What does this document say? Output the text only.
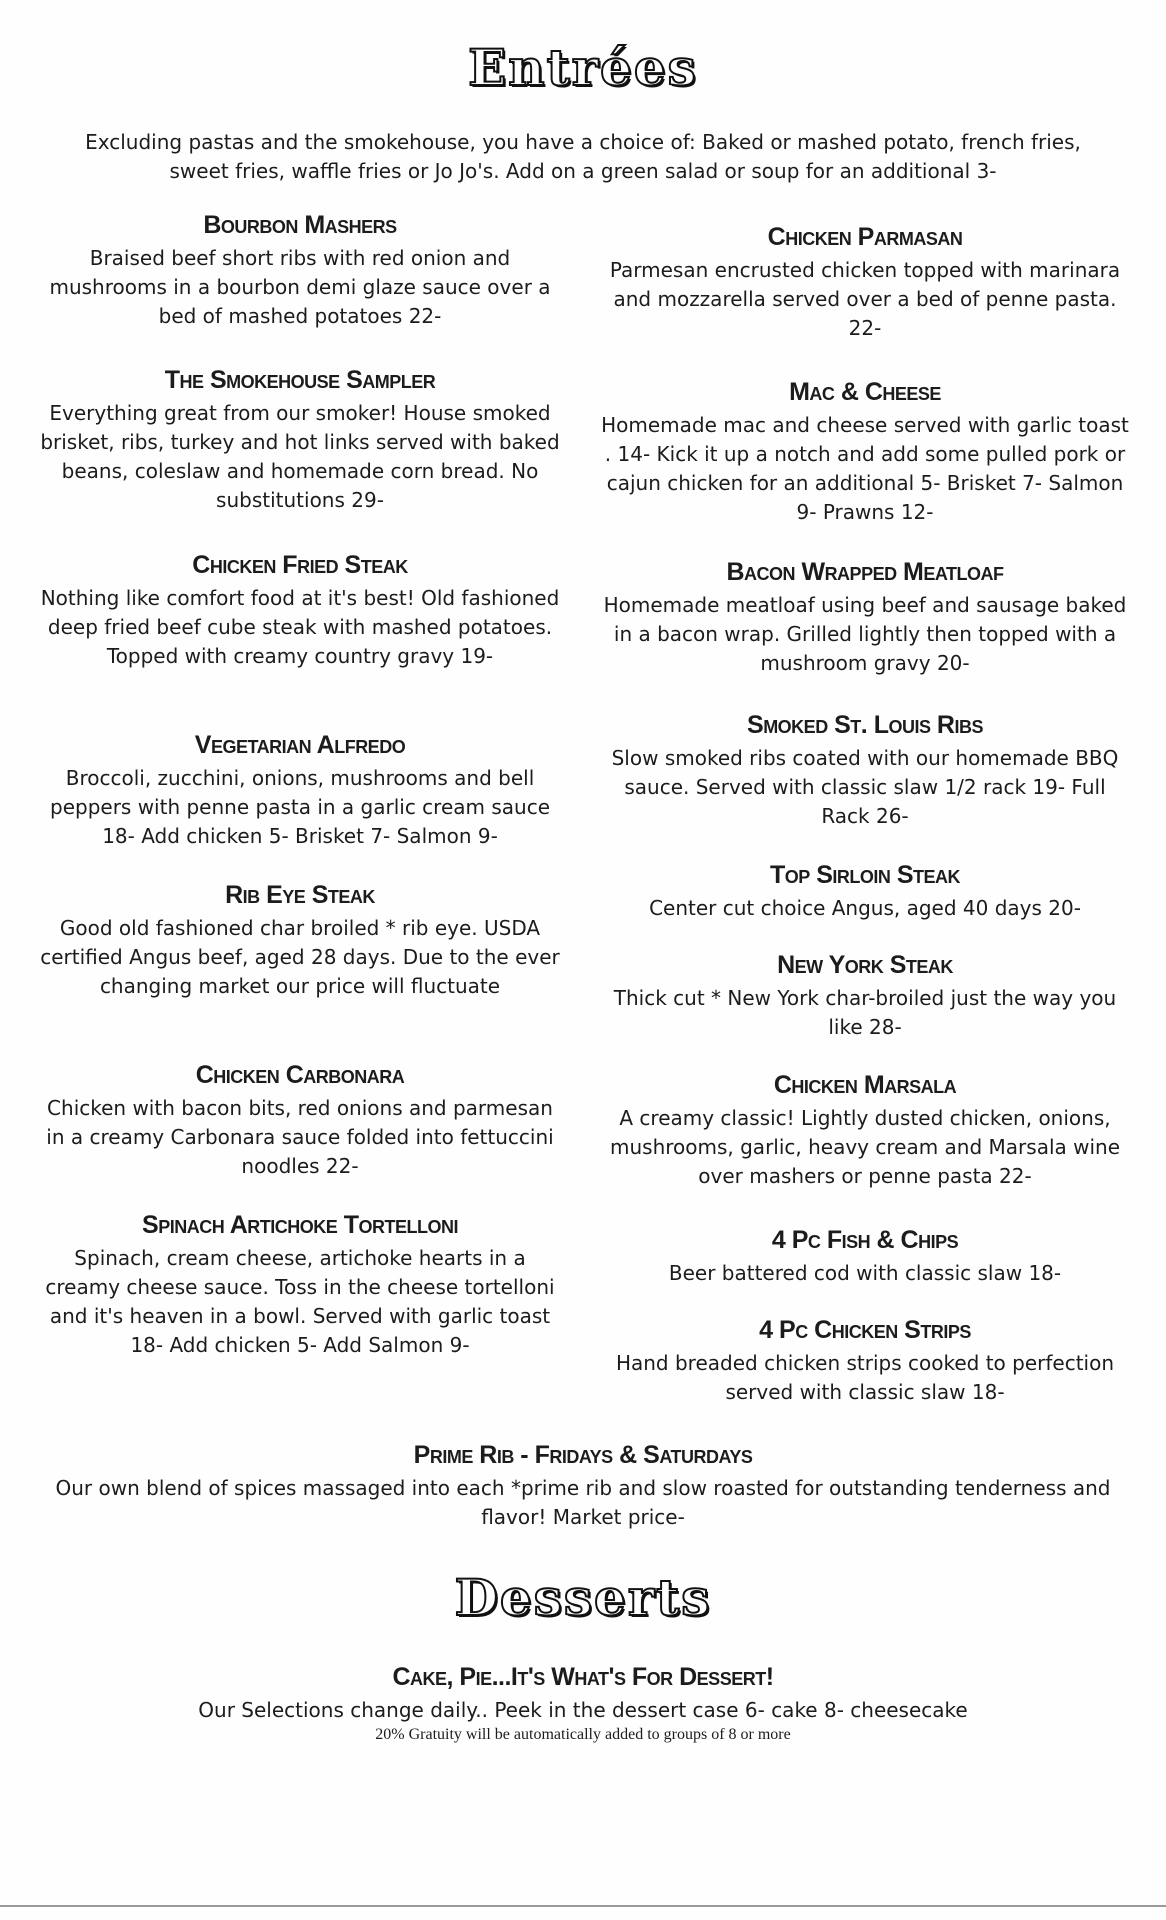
Entrées
Excluding pastas and the smokehouse, you have a choice of: Baked or mashed potato, french fries, sweet fries, waffle fries or Jo Jo's. Add on a green salad or soup for an additional 3-
Bourbon Mashers
Braised beef short ribs with red onion and mushrooms in a bourbon demi glaze sauce over a bed of mashed potatoes 22-
The Smokehouse Sampler
Everything great from our smoker! House smoked brisket, ribs, turkey and hot links served with baked beans, coleslaw and homemade corn bread. No substitutions 29-
Chicken Fried Steak
Nothing like comfort food at it's best! Old fashioned deep fried beef cube steak with mashed potatoes. Topped with creamy country gravy 19-
Vegetarian Alfredo
Broccoli, zucchini, onions, mushrooms and bell peppers with penne pasta in a garlic cream sauce 18- Add chicken 5- Brisket 7- Salmon 9-
Rib Eye Steak
Good old fashioned char broiled * rib eye. USDA certified Angus beef, aged 28 days. Due to the ever changing market our price will fluctuate
Chicken Carbonara
Chicken with bacon bits, red onions and parmesan in a creamy Carbonara sauce folded into fettuccini noodles 22-
Spinach Artichoke Tortelloni
Spinach, cream cheese, artichoke hearts in a creamy cheese sauce. Toss in the cheese tortelloni and it's heaven in a bowl. Served with garlic toast 18- Add chicken 5- Add Salmon 9-
Chicken Parmasan
Parmesan encrusted chicken topped with marinara and mozzarella served over a bed of penne pasta. 22-
Mac & Cheese
Homemade mac and cheese served with garlic toast . 14- Kick it up a notch and add some pulled pork or cajun chicken for an additional 5- Brisket 7- Salmon 9- Prawns 12-
Bacon Wrapped Meatloaf
Homemade meatloaf using beef and sausage baked in a bacon wrap. Grilled lightly then topped with a mushroom gravy 20-
Smoked St. Louis Ribs
Slow smoked ribs coated with our homemade BBQ sauce. Served with classic slaw 1/2 rack 19- Full Rack 26-
Top Sirloin Steak
Center cut choice Angus, aged 40 days 20-
New York Steak
Thick cut * New York char-broiled just the way you like 28-
Chicken Marsala
A creamy classic! Lightly dusted chicken, onions, mushrooms, garlic, heavy cream and Marsala wine over mashers or penne pasta 22-
4 Pc Fish & Chips
Beer battered cod with classic slaw 18-
4 Pc Chicken Strips
Hand breaded chicken strips cooked to perfection served with classic slaw 18-
Prime Rib - Fridays & Saturdays
Our own blend of spices massaged into each *prime rib and slow roasted for outstanding tenderness and flavor! Market price-
Desserts
Cake, Pie...It's What's For Dessert!
Our Selections change daily.. Peek in the dessert case 6- cake 8- cheesecake
20% Gratuity will be automatically added to groups of 8 or more
